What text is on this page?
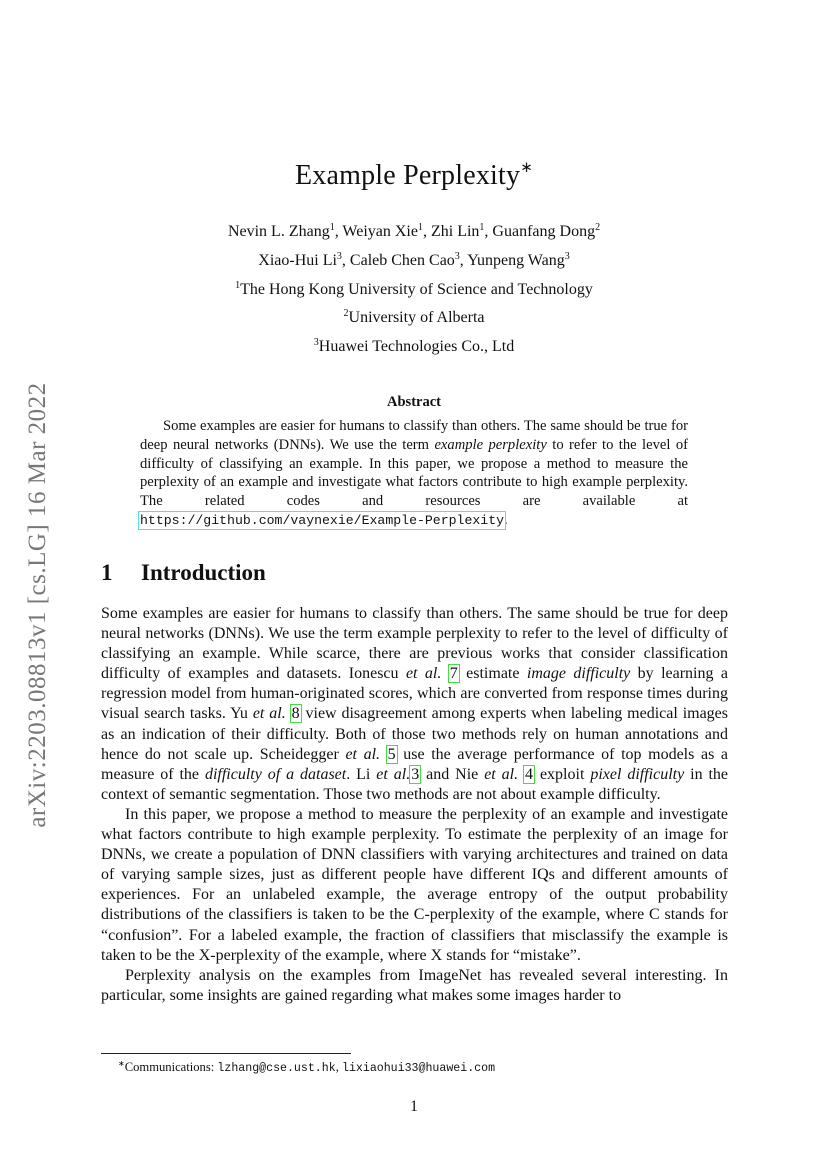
arXiv:2203.08813v1 [cs.LG] 16 Mar 2022
Example Perplexity∗
Nevin L. Zhang$^1$, Weiyan Xie$^1$, Zhi Lin$^1$, Guanfang Dong$^2$
Xiao-Hui Li$^3$, Caleb Chen Cao$^3$, Yunpeng Wang$^3$
$^1$The Hong Kong University of Science and Technology
$^2$University of Alberta
$^3$Huawei Technologies Co., Ltd
Abstract
Some examples are easier for humans to classify than others. The same should be true for deep neural networks (DNNs). We use the term example perplexity to refer to the level of difficulty of classifying an example. In this paper, we propose a method to measure the perplexity of an example and investigate what factors contribute to high example perplexity. The related codes and resources are available at https://github.com/vaynexie/Example-Perplexity.
1 Introduction

Some examples are easier for humans to classify than others. The same should be true for deep neural networks (DNNs). We use the term example perplexity to refer to the level of difficulty of classifying an example. While scarce, there are previous works that consider classification difficulty of examples and datasets. Ionescu et al. 7 estimate image difficulty by learning a regression model from human-originated scores, which are converted from response times during visual search tasks. Yu et al. 8 view disagreement among experts when labeling medical images as an indication of their difficulty. Both of those two methods rely on human annotations and hence do not scale up. Scheidegger et al. 5 use the average performance of top models as a measure of the difficulty of a dataset. Li et al.3 and Nie et al. 4 exploit pixel difficulty in the context of semantic segmentation. Those two methods are not about example difficulty.

In this paper, we propose a method to measure the perplexity of an example and investigate what factors contribute to high example perplexity. To estimate the perplexity of an image for DNNs, we create a population of DNN classifiers with varying architectures and trained on data of varying sample sizes, just as different people have different IQs and different amounts of experiences. For an unlabeled example, the average entropy of the output probability distributions of the classifiers is taken to be the C-perplexity of the example, where C stands for “confusion”. For a labeled example, the fraction of classifiers that misclassify the example is taken to be the X-perplexity of the example, where X stands for “mistake”.

Perplexity analysis on the examples from ImageNet has revealed several interesting. In particular, some insights are gained regarding what makes some images harder to

∗Communications: lzhang@cse.ust.hk, lixiaohui33@huawei.com
1
